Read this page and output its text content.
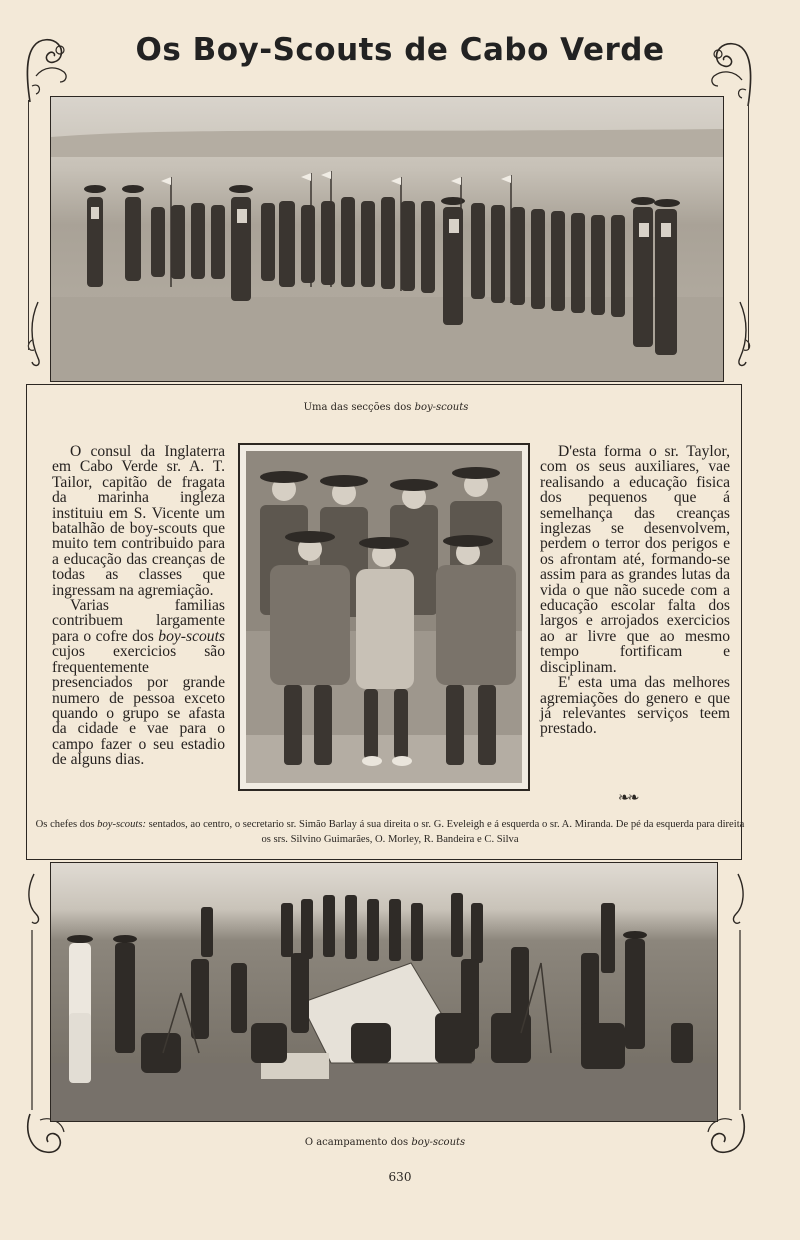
Os Boy-Scouts de Cabo Verde
Uma das secções dos boy-scouts

O consul da Inglaterra em Cabo Verde sr. A. T. Tailor, capitão de fragata da marinha ingleza instituiu em S. Vicente um batalhão de boy-scouts que muito tem contribuido para a educação das creanças de todas as classes que ingressam na agremiação.

Varias familias contribuem largamente para o cofre dos boy-scouts cujos exercicios são frequentemente presenciados por grande numero de pessoa exceto quando o grupo se afasta da cidade e vae para o campo fazer o seu estadio de alguns dias.

D'esta forma o sr. Taylor, com os seus auxiliares, vae realisando a educação fisica dos pequenos que á semelhança das creanças inglezas se desenvolvem, perdem o terror dos perigos e os afrontam até, formando-se assim para as grandes lutas da vida o que não sucede com a educação escolar falta dos largos e arrojados exercicios ao ar livre que ao mesmo tempo fortificam e disciplinam.

E' esta uma das melhores agremiações do genero e que já relevantes serviços teem prestado.

❧❧
Os chefes dos boy-scouts: sentados, ao centro, o secretario sr. Simão Barlay á sua direita o sr. G. Eveleigh e á esquerda o sr. A. Miranda. De pé da esquerda para direita os srs. Silvino Guimarães, O. Morley, R. Bandeira e C. Silva
O acampamento dos boy-scouts
630
